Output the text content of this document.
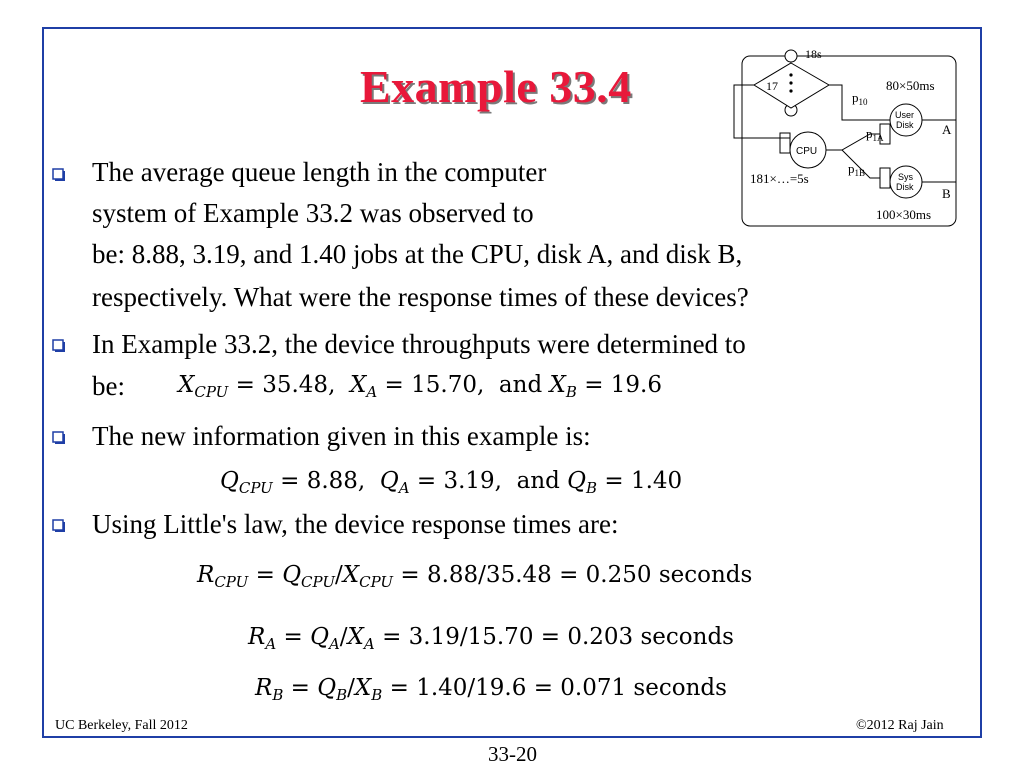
Example 33.4	17
18s
CPU
181×…=5s
$p_{10}$
$p_{1A}$
$p_{1B}$
User
Disk A
80×50ms
Sys
Disk B
100×30ms
The average queue length in the computer
system of Example 33.2 was observed to
be: 8.88, 3.19, and 1.40 jobs at the CPU, disk A, and disk B,
respectively. What were the response times of these devices?
In Example 33.2, the device throughputs were determined to
be: $X_{CPU} = 35.48$, $X_A = 15.70$, and $X_B = 19.6$
The new information given in this example is:
$Q_{CPU} = 8.88$, $Q_A = 3.19$, and $Q_B = 1.40$
Using Little's law, the device response times are:
$R_{CPU} = Q_{CPU}/X_{CPU} = 8.88/35.48 = 0.250$ seconds
$R_A = Q_A/X_A = 3.19/15.70 = 0.203$ seconds
$R_B = Q_B/X_B = 1.40/19.6 = 0.071$ seconds
UC Berkeley, Fall 2012	©2012 Raj Jain
33-20
